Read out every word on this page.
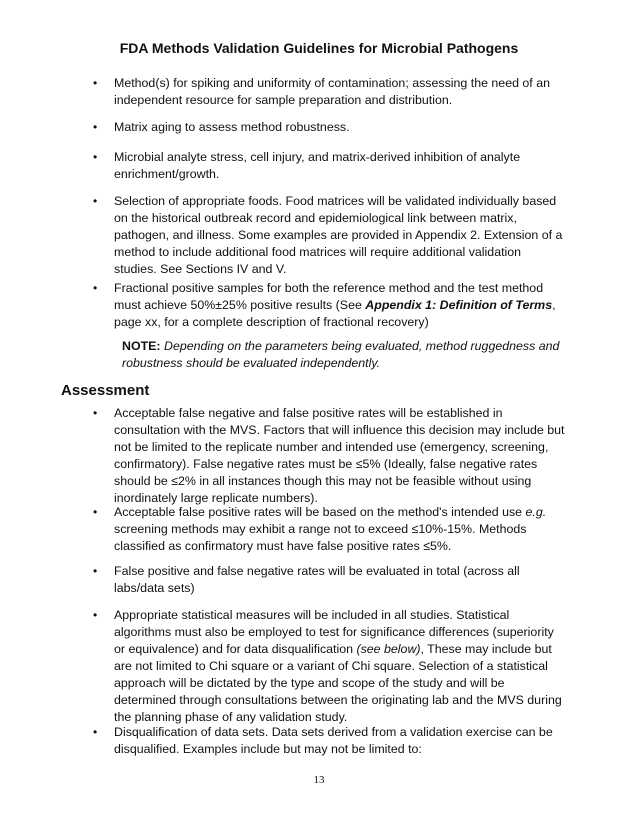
FDA Methods Validation Guidelines for Microbial Pathogens
• Method(s) for spiking and uniformity of contamination; assessing the need of an independent resource for sample preparation and distribution.
• Matrix aging to assess method robustness.
• Microbial analyte stress, cell injury, and matrix-derived inhibition of analyte enrichment/growth.
• Selection of appropriate foods. Food matrices will be validated individually based on the historical outbreak record and epidemiological link between matrix, pathogen, and illness. Some examples are provided in Appendix 2. Extension of a method to include additional food matrices will require additional validation studies. See Sections IV and V.
• Fractional positive samples for both the reference method and the test method must achieve 50%±25% positive results (See Appendix 1: Definition of Terms, page xx, for a complete description of fractional recovery)
NOTE: Depending on the parameters being evaluated, method ruggedness and robustness should be evaluated independently.
Assessment
• Acceptable false negative and false positive rates will be established in consultation with the MVS. Factors that will influence this decision may include but not be limited to the replicate number and intended use (emergency, screening, confirmatory). False negative rates must be ≤5% (Ideally, false negative rates should be ≤2% in all instances though this may not be feasible without using inordinately large replicate numbers).
• Acceptable false positive rates will be based on the method's intended use e.g. screening methods may exhibit a range not to exceed ≤10%-15%. Methods classified as confirmatory must have false positive rates ≤5%.
• False positive and false negative rates will be evaluated in total (across all labs/data sets)
• Appropriate statistical measures will be included in all studies. Statistical algorithms must also be employed to test for significance differences (superiority or equivalence) and for data disqualification (see below), These may include but are not limited to Chi square or a variant of Chi square. Selection of a statistical approach will be dictated by the type and scope of the study and will be determined through consultations between the originating lab and the MVS during the planning phase of any validation study.
• Disqualification of data sets. Data sets derived from a validation exercise can be disqualified. Examples include but may not be limited to:
13
